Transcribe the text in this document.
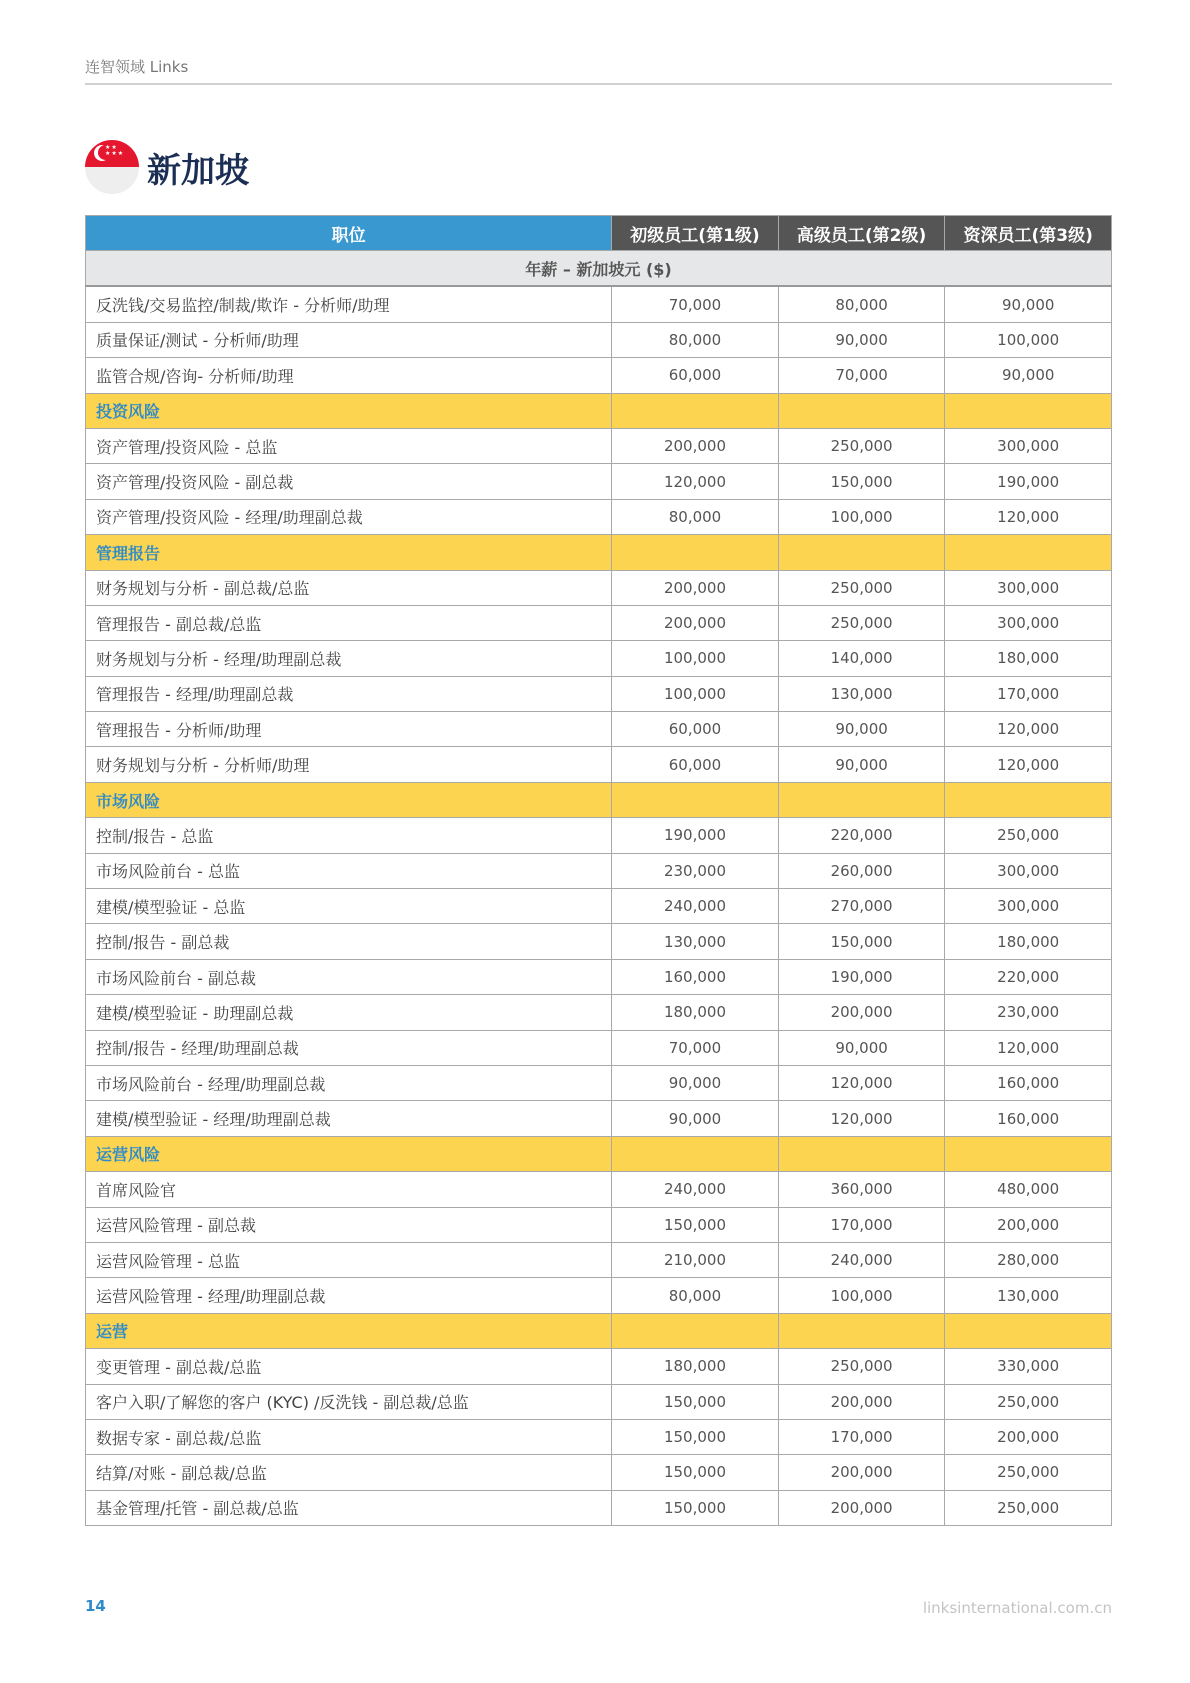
连智领域 Links
★★
★★★ 新加坡
职位	初级员工(第1级)	高级员工(第2级)	资深员工(第3级)
年薪 – 新加坡元 ($)			
反洗钱/交易监控/制裁/欺诈 - 分析师/助理	70,000	80,000	90,000
质量保证/测试 - 分析师/助理	80,000	90,000	100,000
监管合规/咨询- 分析师/助理	60,000	70,000	90,000
投资风险			
资产管理/投资风险 - 总监	200,000	250,000	300,000
资产管理/投资风险 - 副总裁	120,000	150,000	190,000
资产管理/投资风险 - 经理/助理副总裁	80,000	100,000	120,000
管理报告			
财务规划与分析 - 副总裁/总监	200,000	250,000	300,000
管理报告 - 副总裁/总监	200,000	250,000	300,000
财务规划与分析 - 经理/助理副总裁	100,000	140,000	180,000
管理报告 - 经理/助理副总裁	100,000	130,000	170,000
管理报告 - 分析师/助理	60,000	90,000	120,000
财务规划与分析 - 分析师/助理	60,000	90,000	120,000
市场风险			
控制/报告 - 总监	190,000	220,000	250,000
市场风险前台 - 总监	230,000	260,000	300,000
建模/模型验证 - 总监	240,000	270,000	300,000
控制/报告 - 副总裁	130,000	150,000	180,000
市场风险前台 - 副总裁	160,000	190,000	220,000
建模/模型验证 - 助理副总裁	180,000	200,000	230,000
控制/报告 - 经理/助理副总裁	70,000	90,000	120,000
市场风险前台 - 经理/助理副总裁	90,000	120,000	160,000
建模/模型验证 - 经理/助理副总裁	90,000	120,000	160,000
运营风险			
首席风险官	240,000	360,000	480,000
运营风险管理 - 副总裁	150,000	170,000	200,000
运营风险管理 - 总监	210,000	240,000	280,000
运营风险管理 - 经理/助理副总裁	80,000	100,000	130,000
运营			
变更管理 - 副总裁/总监	180,000	250,000	330,000
客户入职/了解您的客户 (KYC) /反洗钱 - 副总裁/总监	150,000	200,000	250,000
数据专家 - 副总裁/总监	150,000	170,000	200,000
结算/对账 - 副总裁/总监	150,000	200,000	250,000
基金管理/托管 - 副总裁/总监	150,000	200,000	250,000
14	linksinternational.com.cn
